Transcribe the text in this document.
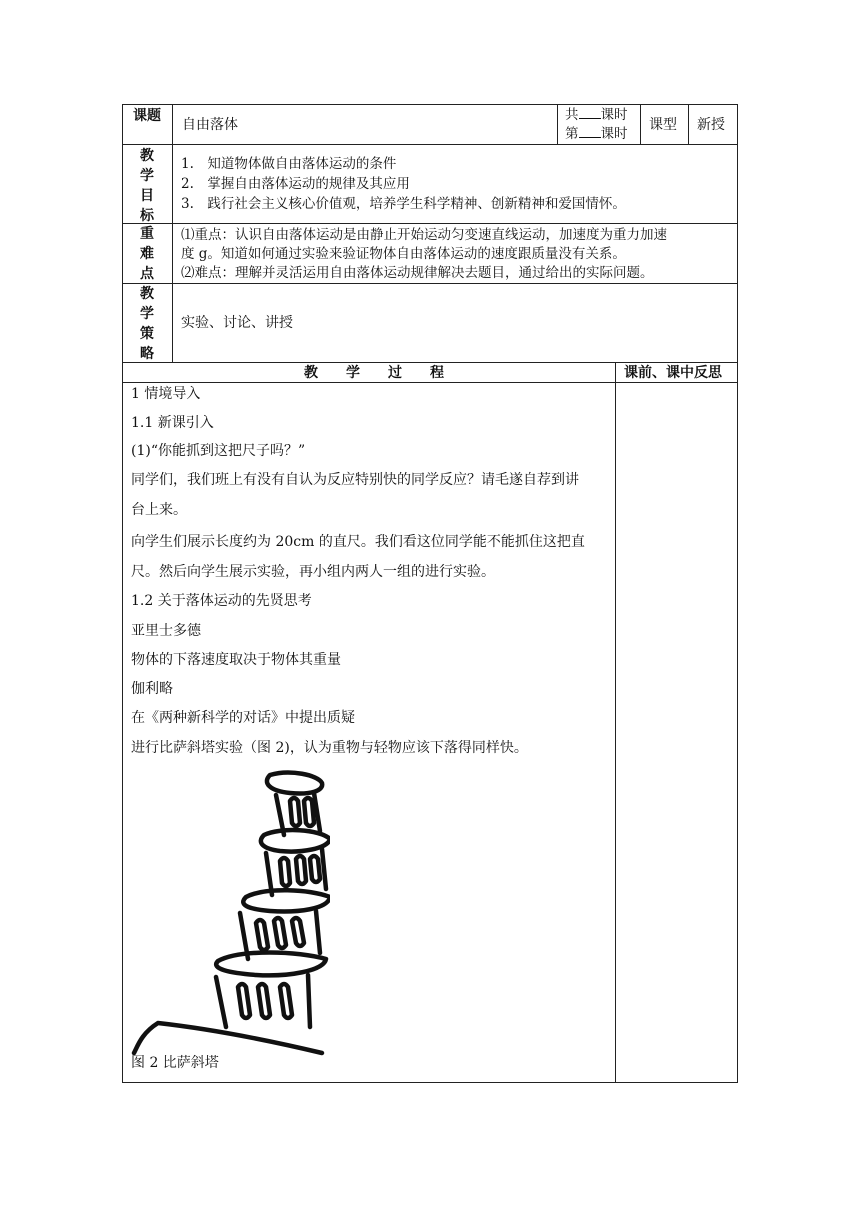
课题
自由落体
共 课时
第 课时
课型 新授
教
学
目
标
1.  知道物体做自由落体运动的条件
2.  掌握自由落体运动的规律及其应用
3.  践行社会主义核心价值观，培养学生科学精神、创新精神和爱国情怀。
重
难
点
⑴重点：认识自由落体运动是由静止开始运动匀变速直线运动，加速度为重力加速
度 g。知道如何通过实验来验证物体自由落体运动的速度跟质量没有关系。
⑵难点：理解并灵活运用自由落体运动规律解决去题目，通过给出的实际问题。
教
学
策
略
实验、讨论、讲授
教　　学　　过　　程	课前、课中反思
1 情境导入
1.1 新课引入
(1)“你能抓到这把尺子吗？”
同学们，我们班上有没有自认为反应特别快的同学反应？请毛遂自荐到讲
台上来。
向学生们展示长度约为 20cm 的直尺。我们看这位同学能不能抓住这把直
尺。然后向学生展示实验，再小组内两人一组的进行实验。
1.2 关于落体运动的先贤思考
亚里士多德
物体的下落速度取决于物体其重量
伽利略
在《两种新科学的对话》中提出质疑
进行比萨斜塔实验（图 2)，认为重物与轻物应该下落得同样快。
图 2 比萨斜塔
